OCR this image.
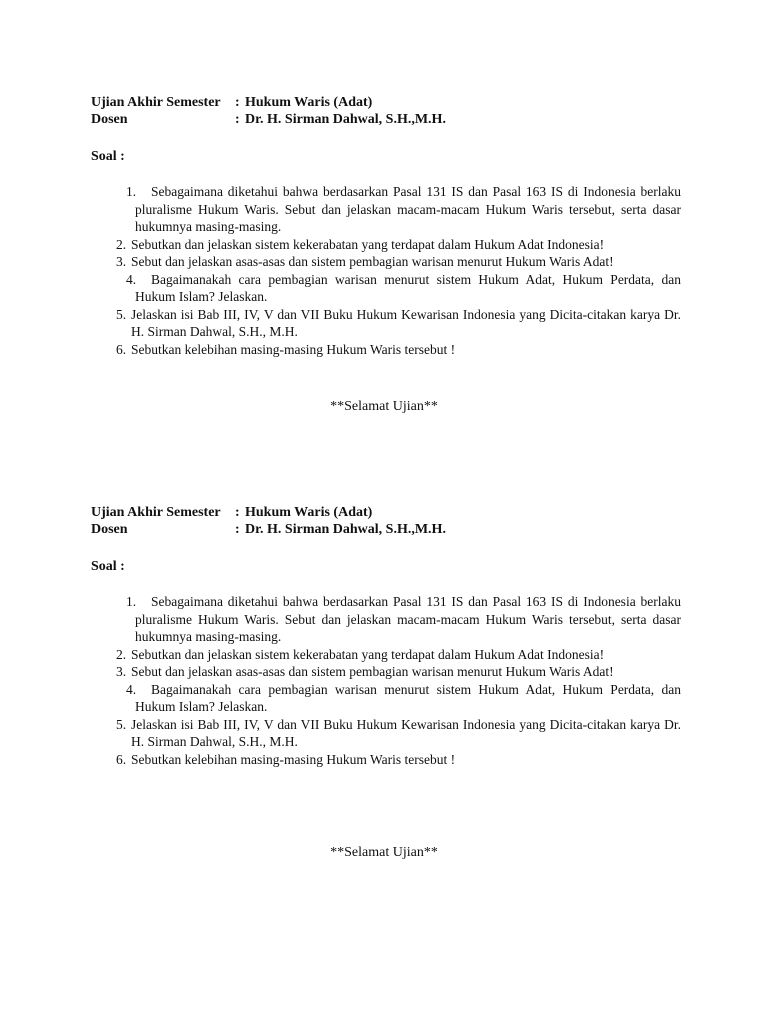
Ujian Akhir Semester : Hukum Waris (Adat)
Dosen	: Dr. H. Sirman Dahwal, S.H.,M.H.
Soal :
1.	Sebagaimana diketahui bahwa berdasarkan Pasal 131 IS dan Pasal 163 IS di Indonesia berlaku pluralisme Hukum Waris. Sebut dan jelaskan macam-macam Hukum Waris tersebut, serta dasar hukumnya masing-masing.
2. Sebutkan dan jelaskan sistem kekerabatan yang terdapat dalam Hukum Adat Indonesia!
3. Sebut dan jelaskan asas-asas dan sistem pembagian warisan menurut Hukum Waris Adat!
4.	Bagaimanakah cara pembagian warisan menurut sistem Hukum Adat, Hukum Perdata, dan Hukum Islam? Jelaskan.
5. Jelaskan isi Bab III, IV, V dan VII Buku Hukum Kewarisan Indonesia yang Dicita-citakan karya Dr. H. Sirman Dahwal, S.H., M.H.
6. Sebutkan kelebihan masing-masing Hukum Waris tersebut !
**Selamat Ujian**
Ujian Akhir Semester : Hukum Waris (Adat)
Dosen	: Dr. H. Sirman Dahwal, S.H.,M.H.
Soal :
1.	Sebagaimana diketahui bahwa berdasarkan Pasal 131 IS dan Pasal 163 IS di Indonesia berlaku pluralisme Hukum Waris. Sebut dan jelaskan macam-macam Hukum Waris tersebut, serta dasar hukumnya masing-masing.
2. Sebutkan dan jelaskan sistem kekerabatan yang terdapat dalam Hukum Adat Indonesia!
3. Sebut dan jelaskan asas-asas dan sistem pembagian warisan menurut Hukum Waris Adat!
4.	Bagaimanakah cara pembagian warisan menurut sistem Hukum Adat, Hukum Perdata, dan Hukum Islam? Jelaskan.
5. Jelaskan isi Bab III, IV, V dan VII Buku Hukum Kewarisan Indonesia yang Dicita-citakan karya Dr. H. Sirman Dahwal, S.H., M.H.
6. Sebutkan kelebihan masing-masing Hukum Waris tersebut !
**Selamat Ujian**
